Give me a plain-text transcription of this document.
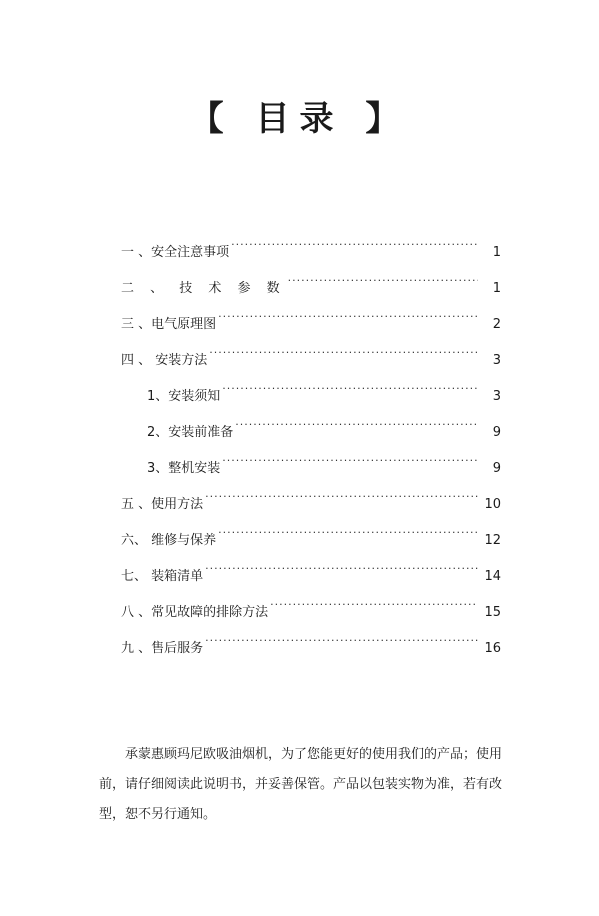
【 目录 】
一 、安全注意事项 ·····	1
二 、 技 术 参 数 ·····	1
三 、电气原理图 ·····	2
四 、 安装方法 ·····	3
1、安装须知 ·····	3
2、安装前准备 ·····	9
3、整机安装 ·····	9
五 、使用方法 ·····	10
六、 维修与保养 ·····	12
七、 装箱清单 ·····	14
八 、常见故障的排除方法 ·····	15
九 、售后服务 ·····	16

承蒙惠顾玛尼欧吸油烟机，为了您能更好的使用我们的产品；使用前，请仔细阅读此说明书，并妥善保管。产品以包装实物为准，若有改型，恕不另行通知。
